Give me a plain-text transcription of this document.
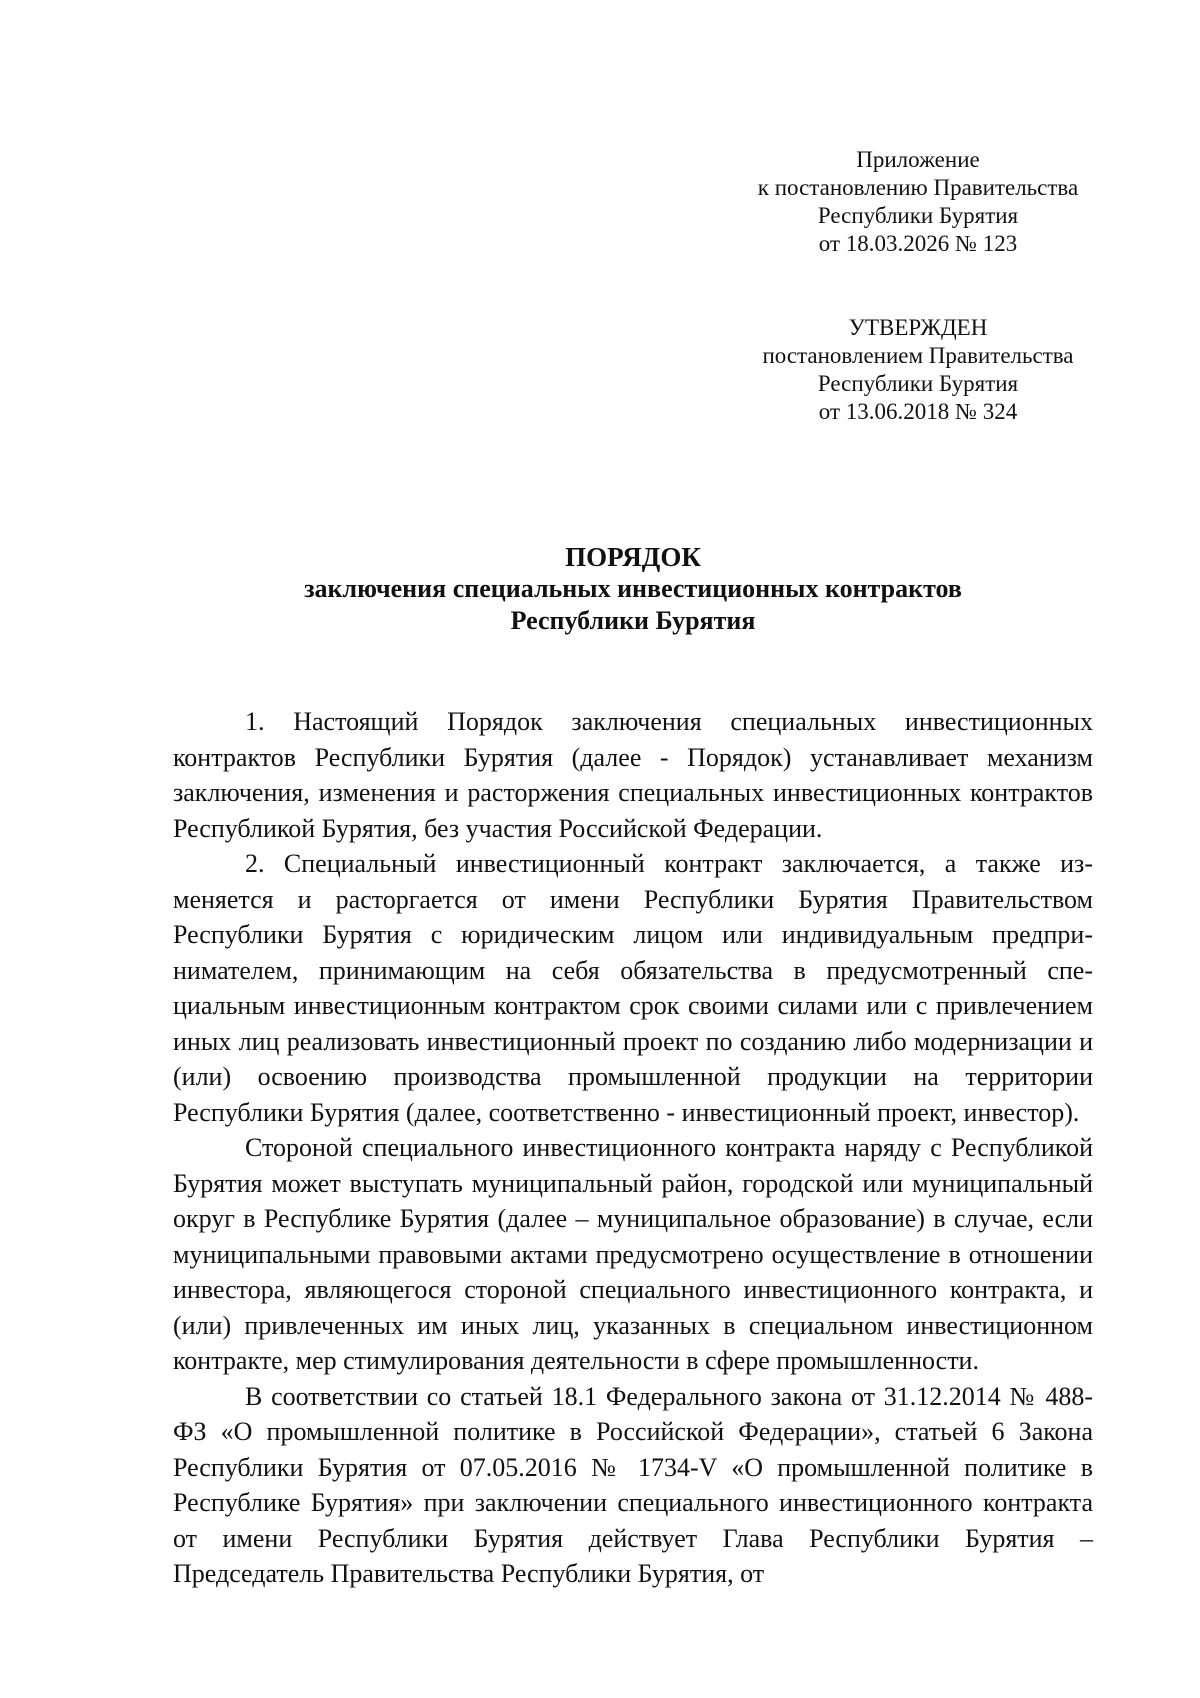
Приложение
к постановлению Правительства
Республики Бурятия
от 18.03.2026 № 123
УТВЕРЖДЕН
постановлением Правительства
Республики Бурятия
от 13.06.2018 № 324
ПОРЯДОК
заключения специальных инвестиционных контрактов
Республики Бурятия

1. Настоящий Порядок заключения специальных инвестиционных контрактов Республики Бурятия (далее - Порядок) устанавливает механизм заключения, изменения и расторжения специальных инвестиционных контрактов Республикой Бурятия, без участия Российской Федерации.

2. Специальный инвестиционный контракт заключается, а также изменяется и расторгается от имени Республики Бурятия Правительством Республики Бурятия с юридическим лицом или индивидуальным предпринимателем, принимающим на себя обязательства в предусмотренный специальным инвестиционным контрактом срок своими силами или с привлечением иных лиц реализовать инвестиционный проект по созданию либо модернизации и (или) освоению производства промышленной продукции на территории Республики Бурятия (далее, соответственно - инвестиционный проект, инвестор).

Стороной специального инвестиционного контракта наряду с Республикой Бурятия может выступать муниципальный район, городской или муниципальный округ в Республике Бурятия (далее – муниципальное образование) в случае, если муниципальными правовыми актами предусмотрено осуществление в отношении инвестора, являющегося стороной специального инвестиционного контракта, и (или) привлеченных им иных лиц, указанных в специальном инвестиционном контракте, мер стимулирования деятельности в сфере промышленности.

В соответствии со статьей 18.1 Федерального закона от 31.12.2014 № 488-ФЗ «О промышленной политике в Российской Федерации», статьей 6 Закона Республики Бурятия от 07.05.2016 № 1734-V «О промышленной политике в Республике Бурятия» при заключении специального инвестиционного контракта от имени Республики Бурятия действует Глава Республики Бурятия – Председатель Правительства Республики Бурятия, от
